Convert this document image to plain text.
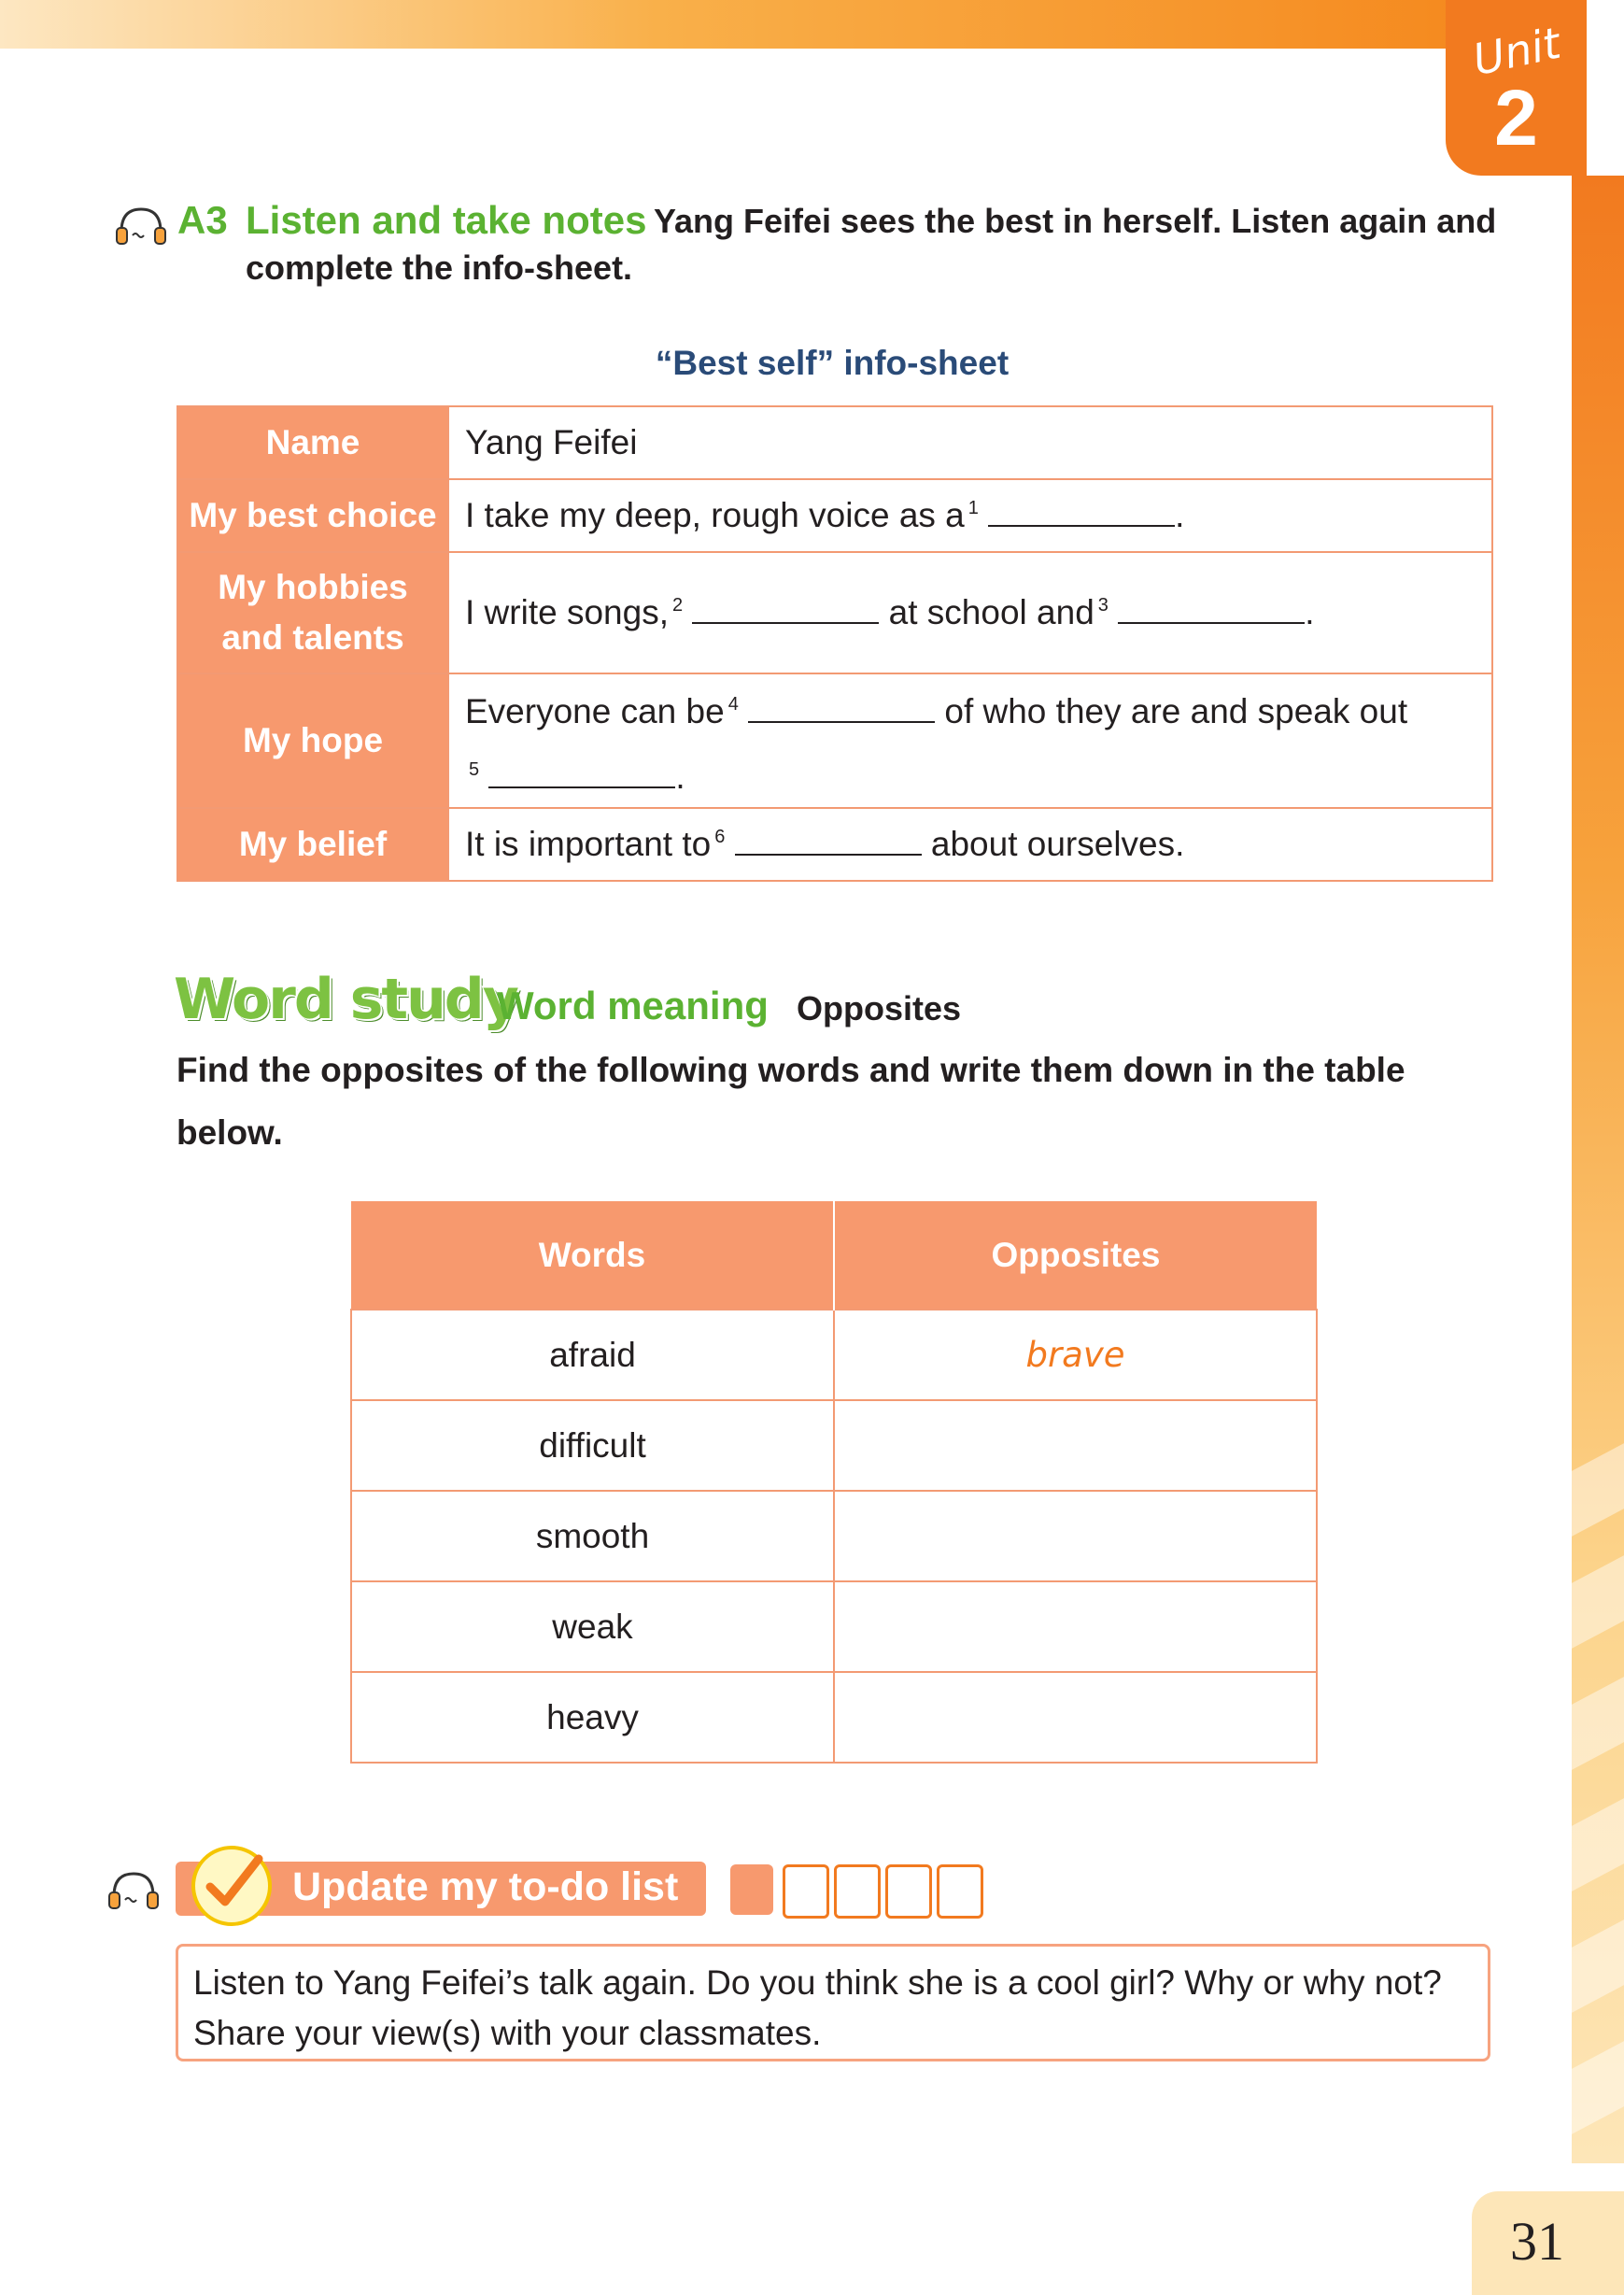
Unit
2
A3 Listen and take notes Yang Feifei sees the best in herself. Listen again and
complete the info-sheet.
“Best self” info-sheet
Name	Yang Feifei
My best choice	I take my deep, rough voice as a $^1$ .

My hobbies
and talents	I write songs, $^2$ at school and $^3$ .
My hope	Everyone can be $^4$ of who they are and speak out
$^5$ .
My belief	It is important to $^6$ about ourselves.
Word study
Word meaning Opposites
Find the opposites of the following words and write them down in the table below.
Words	Opposites
afraid	brave
difficult	
smooth	
weak	
heavy	
Update my to-do list
Listen to Yang Feifei’s talk again. Do you think she is a cool girl? Why or why not?
Share your view(s) with your classmates.
31
